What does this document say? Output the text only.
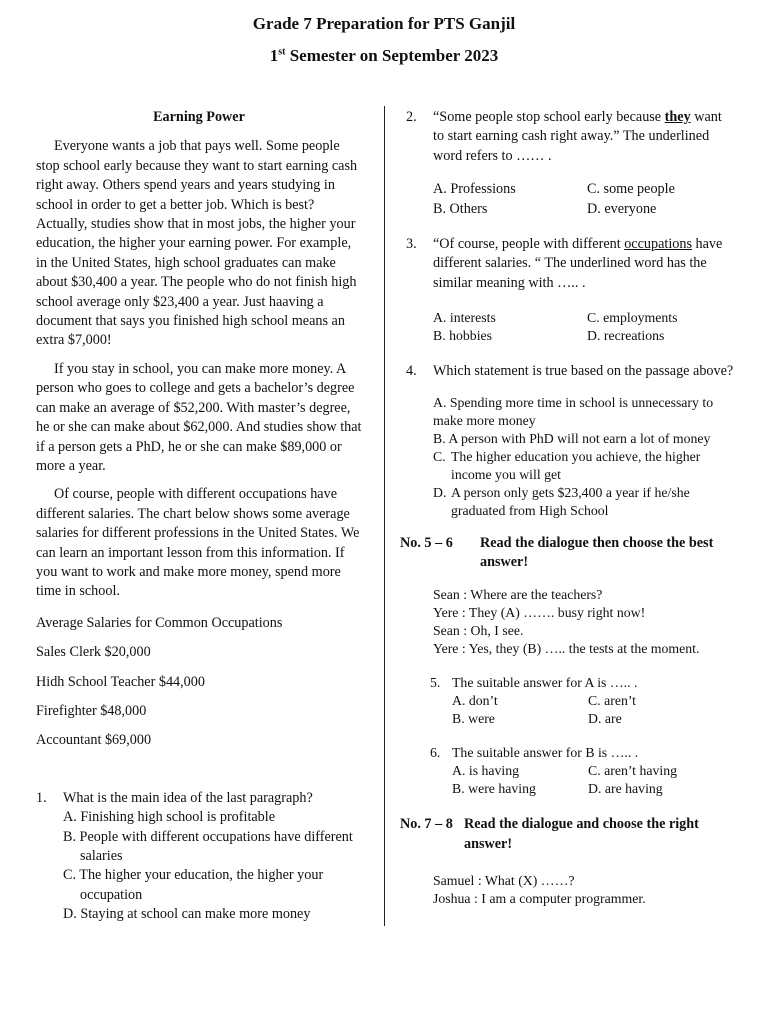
Grade 7 Preparation for PTS Ganjil
1st Semester on September 2023
Earning Power

Everyone wants a job that pays well. Some people stop school early because they want to start earning cash right away. Others spend years and years studying in school in order to get a better job. Which is best? Actually, studies show that in most jobs, the higher your education, the higher your earning power. For example, in the United States, high school graduates can make about $30,400 a year. The people who do not finish high school average only $23,400 a year. Just haaving a document that says you finished high school means an extra $7,000!

If you stay in school, you can make more money. A person who goes to college and gets a bachelor’s degree can make an average of $52,200. With master’s degree, he or she can make about $62,000. And studies show that if a person gets a PhD, he or she can make $89,000 or more a year.

Of course, people with different occupations have different salaries. The chart below shows some average salaries for different professions in the United States. We can learn an important lesson from this information. If you want to work and make more money, spend more time in school.

Average Salaries for Common Occupations

Sales Clerk $20,000

Hidh School Teacher $44,000

Firefighter $48,000

Accountant $69,000

1.	What is the main idea of the last paragraph?
A. Finishing high school is profitable
B. People with different occupations have different salaries
C. The higher your education, the higher your occupation
D. Staying at school can make more money
2.	“Some people stop school early because they want to start earning cash right away.” The underlined word refers to …… .
A. Professions	C. some people
B. Others	D. everyone
3.	“Of course, people with different occupations have different salaries. “ The underlined word has the similar meaning with ….. .
A. interests	C. employments
B. hobbies	D. recreations
4.	Which statement is true based on the passage above?
A. Spending more time in school is unnecessary to make more money
B. A person with PhD will not earn a lot of money
C. The higher education you achieve, the higher income you will get
D. A person only gets $23,400 a year if he/she graduated from High School
No. 5 – 6	Read the dialogue then choose the best answer!
Sean : Where are the teachers?
Yere : They (A) ……. busy right now!
Sean : Oh, I see.
Yere : Yes, they (B) ….. the tests at the moment.
5. The suitable answer for A is ….. .
A. don’t	C. aren’t
B. were	D. are
6. The suitable answer for B is ….. .
A. is having	C. aren’t having
B. were having	D. are having
No. 7 – 8 Read the dialogue and choose the right answer!
Samuel : What (X) ……?
Joshua : I am a computer programmer.
